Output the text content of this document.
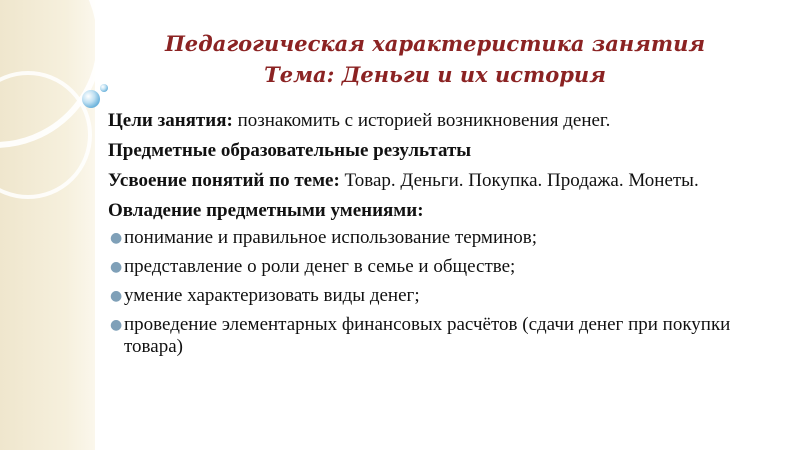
Педагогическая характеристика занятия
Тема: Деньги и их история

Цели занятия: познакомить с историей возникновения денег.

Предметные образовательные результаты

Усвоение понятий по теме: Товар. Деньги. Покупка. Продажа. Монеты.

Овладение предметными умениями:

● понимание и правильное использование терминов;
● представление о роли денег в семье и обществе;
● умение характеризовать виды денег;
● проведение элементарных финансовых расчётов (сдачи денег при покупки товара)
